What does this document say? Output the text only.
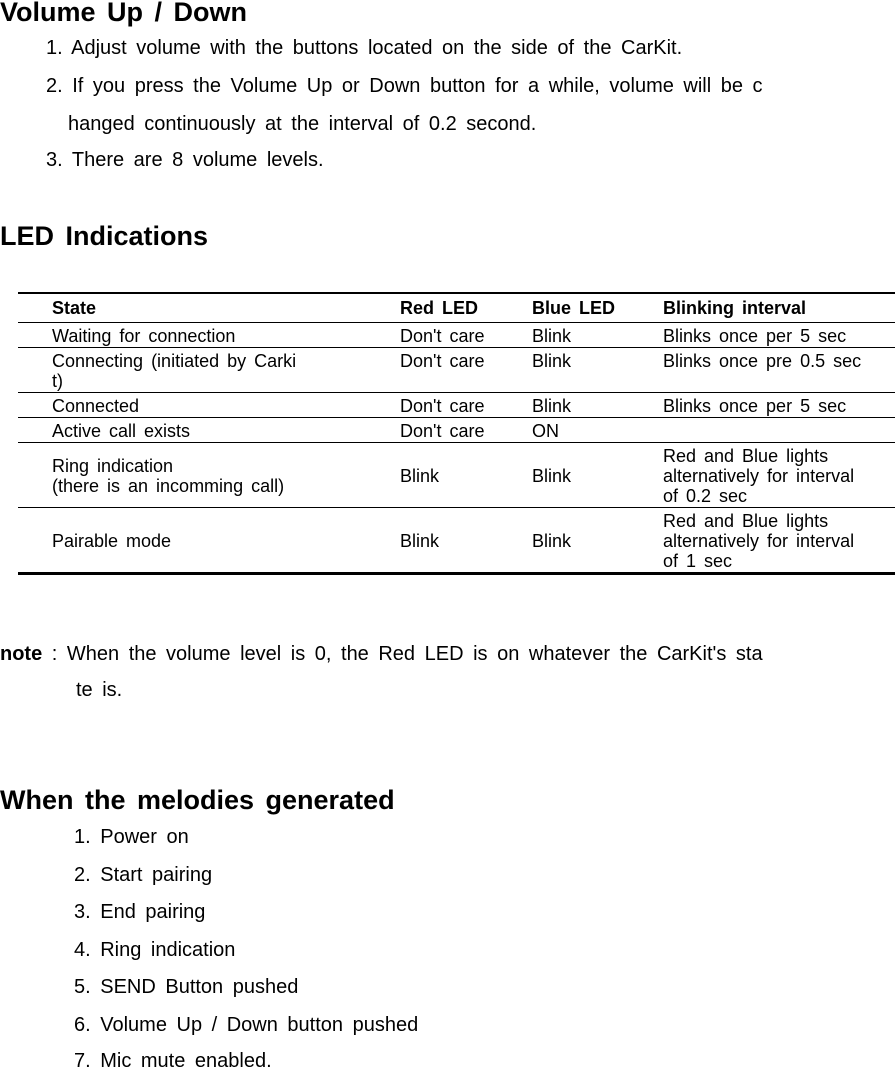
Volume Up / Down

1. Adjust volume with the buttons located on the side of the CarKit.

2. If you press the Volume Up or Down button for a while, volume will be c

hanged continuously at the interval of 0.2 second.

3. There are 8 volume levels.

LED Indications
State	Red LED	Blue LED	Blinking interval
Waiting for connection	Don't care	Blink	Blinks once per 5 sec

Connecting (initiated by Carki
t)	Don't care	Blink	Blinks once pre 0.5 sec
Connected	Don't care	Blink	Blinks once per 5 sec
Active call exists	Don't care	ON	

Ring indication
(there is an incomming call)	Blink	Blink	Red and Blue lights
alternatively for interval
of 0.2 sec

Pairable mode	Blink	Blink	Red and Blue lights
alternatively for interval
of 1 sec
note : When the volume level is 0, the Red LED is on whatever the CarKit's sta
te is.
When the melodies generated

1. Power on

2. Start pairing

3. End pairing

4. Ring indication

5. SEND Button pushed

6. Volume Up / Down button pushed

7. Mic mute enabled.
